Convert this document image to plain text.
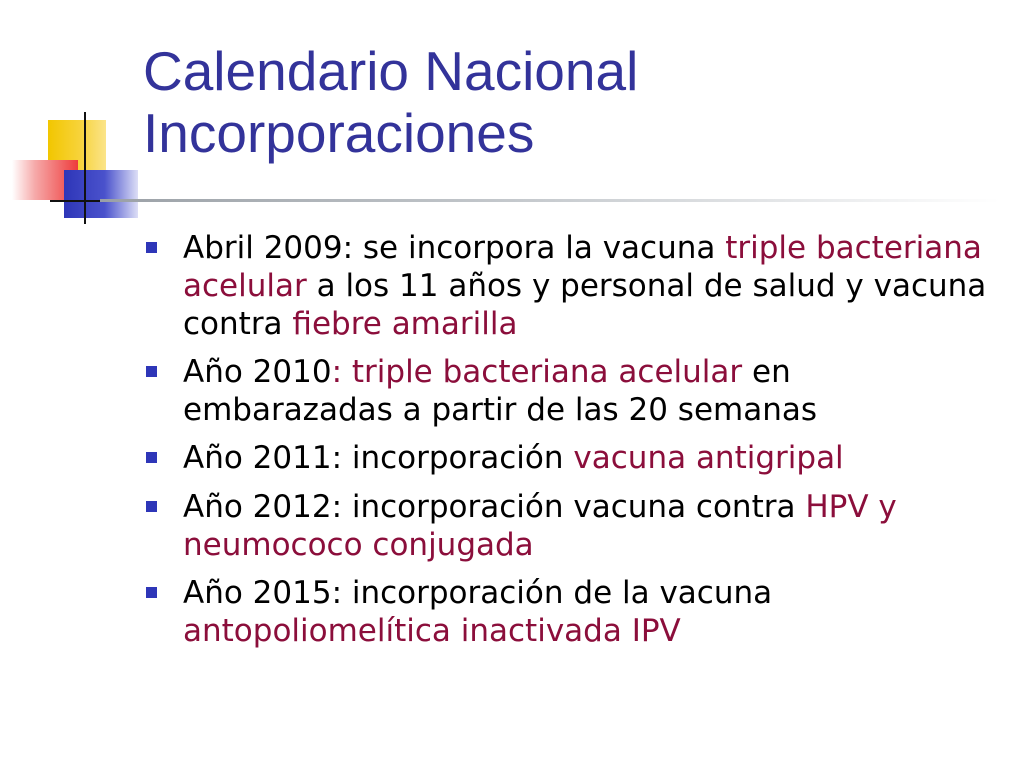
Calendario Nacional
Incorporaciones
Abril 2009: se incorpora la vacuna triple bacteriana acelular a los 11 años y personal de salud y vacuna contra fiebre amarilla
Año 2010: triple bacteriana acelular en embarazadas a partir de las 20 semanas
Año 2011: incorporación vacuna antigripal
Año 2012: incorporación vacuna contra HPV y neumococo conjugada
Año 2015: incorporación de la vacuna antopoliomelítica inactivada IPV
